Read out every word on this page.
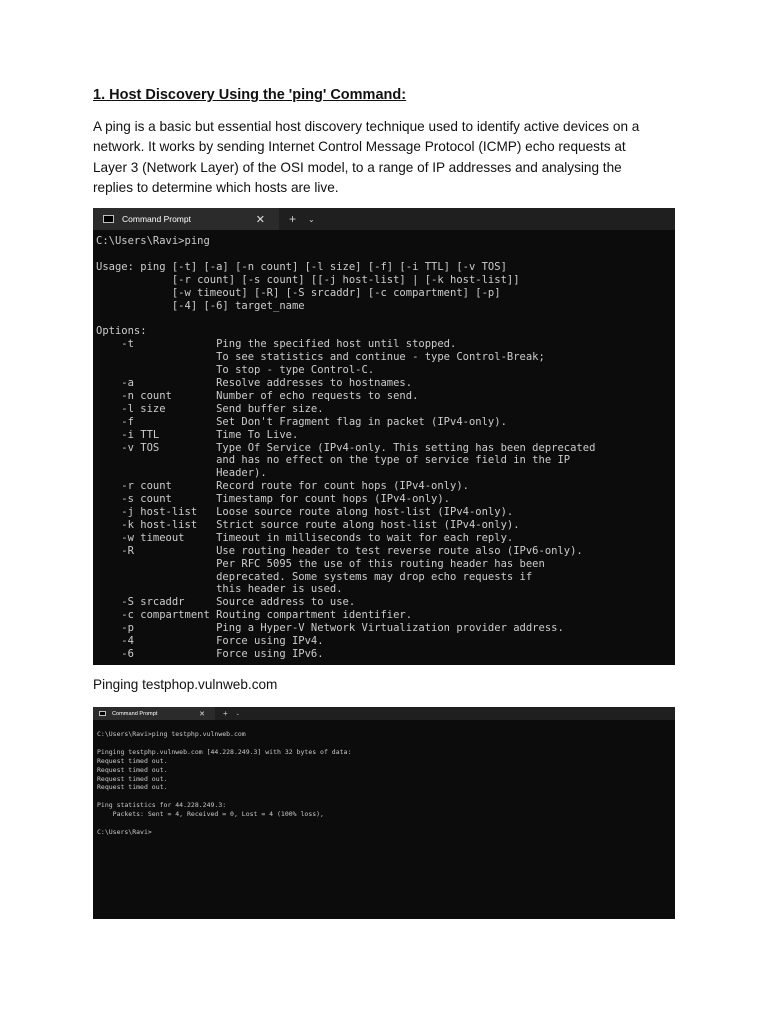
1. Host Discovery Using the 'ping' Command:

A ping is a basic but essential host discovery technique used to identify active devices on a
network. It works by sending Internet Control Message Protocol (ICMP) echo requests at
Layer 3 (Network Layer) of the OSI model, to a range of IP addresses and analysing the
replies to determine which hosts are live.

Command Prompt	✕ + ⌄
C:\Users\Ravi>ping

Usage: ping [-t] [-a] [-n count] [-l size] [-f] [-i TTL] [-v TOS]
[-r count] [-s count] [[-j host-list] | [-k host-list]]
[-w timeout] [-R] [-S srcaddr] [-c compartment] [-p]
[-4] [-6] target_name

Options:
-t             Ping the specified host until stopped.
To see statistics and continue - type Control-Break;
To stop - type Control-C.
-a             Resolve addresses to hostnames.
-n count       Number of echo requests to send.
-l size        Send buffer size.
-f             Set Don't Fragment flag in packet (IPv4-only).
-i TTL         Time To Live.
-v TOS         Type Of Service (IPv4-only. This setting has been deprecated
and has no effect on the type of service field in the IP
Header).
-r count       Record route for count hops (IPv4-only).
-s count       Timestamp for count hops (IPv4-only).
-j host-list   Loose source route along host-list (IPv4-only).
-k host-list   Strict source route along host-list (IPv4-only).
-w timeout     Timeout in milliseconds to wait for each reply.
-R             Use routing header to test reverse route also (IPv6-only).
Per RFC 5095 the use of this routing header has been
deprecated. Some systems may drop echo requests if
this header is used.
-S srcaddr     Source address to use.
-c compartment Routing compartment identifier.
-p             Ping a Hyper-V Network Virtualization provider address.
-4             Force using IPv4.
-6             Force using IPv6.

Pinging testphop.vulnweb.com

Command Prompt	✕ + ⌄
C:\Users\Ravi>ping testphp.vulnweb.com

Pinging testphp.vulnweb.com [44.228.249.3] with 32 bytes of data:
Request timed out.
Request timed out.
Request timed out.
Request timed out.

Ping statistics for 44.228.249.3:
Packets: Sent = 4, Received = 0, Lost = 4 (100% loss),

C:\Users\Ravi>
